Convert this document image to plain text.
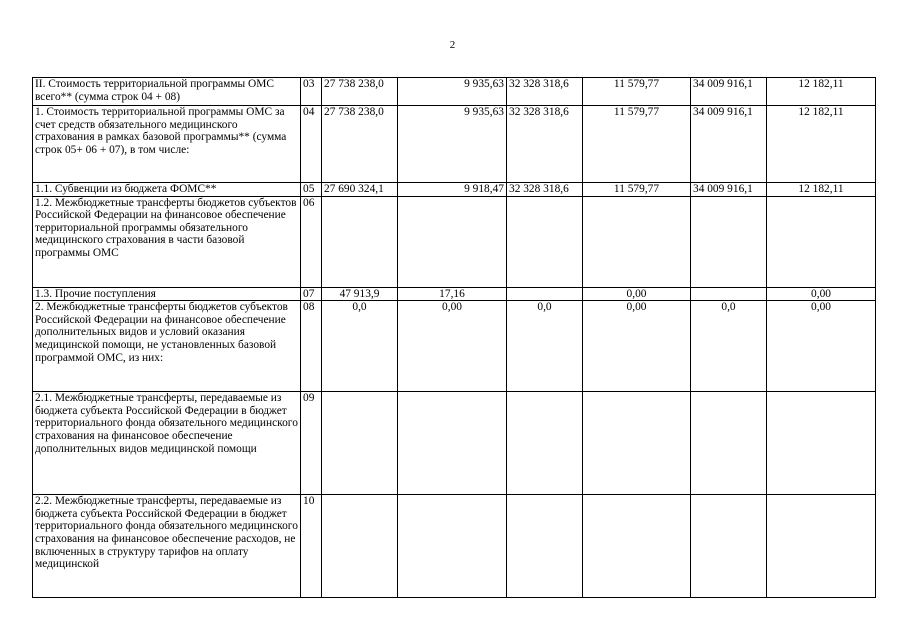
2
II. Стоимость территориальной программы ОМС всего** (сумма строк 04 + 08)	03	27 738 238,0	9 935,63	32 328 318,6	11 579,77	34 009 916,1	12 182,11
1. Стоимость территориальной программы ОМС за счет средств обязательного медицинского страхования в рамках базовой программы** (сумма строк 05+ 06 + 07), в том числе:	04	27 738 238,0	9 935,63	32 328 318,6	11 579,77	34 009 916,1	12 182,11
1.1. Субвенции из бюджета ФОМС**	05	27 690 324,1	9 918,47	32 328 318,6	11 579,77	34 009 916,1	12 182,11
1.2. Межбюджетные трансферты бюджетов субъектов Российской Федерации на финансовое обеспечение территориальной программы обязательного медицинского страхования в части базовой программы ОМС	06						
1.3. Прочие поступления	07	47 913,9	17,16		0,00		0,00
2. Межбюджетные трансферты бюджетов субъектов Российской Федерации на финансовое обеспечение дополнительных видов и условий оказания медицинской помощи, не установленных базовой программой ОМС, из них:	08	0,0	0,00	0,0	0,00	0,0	0,00
2.1. Межбюджетные трансферты, передаваемые из бюджета субъекта Российской Федерации в бюджет территориального фонда обязательного медицинского страхования на финансовое обеспечение дополнительных видов медицинской помощи	09						
2.2. Межбюджетные трансферты, передаваемые из бюджета субъекта Российской Федерации в бюджет территориального фонда обязательного медицинского страхования на финансовое обеспечение расходов, не включенных в структуру тарифов на оплату медицинской	10						
